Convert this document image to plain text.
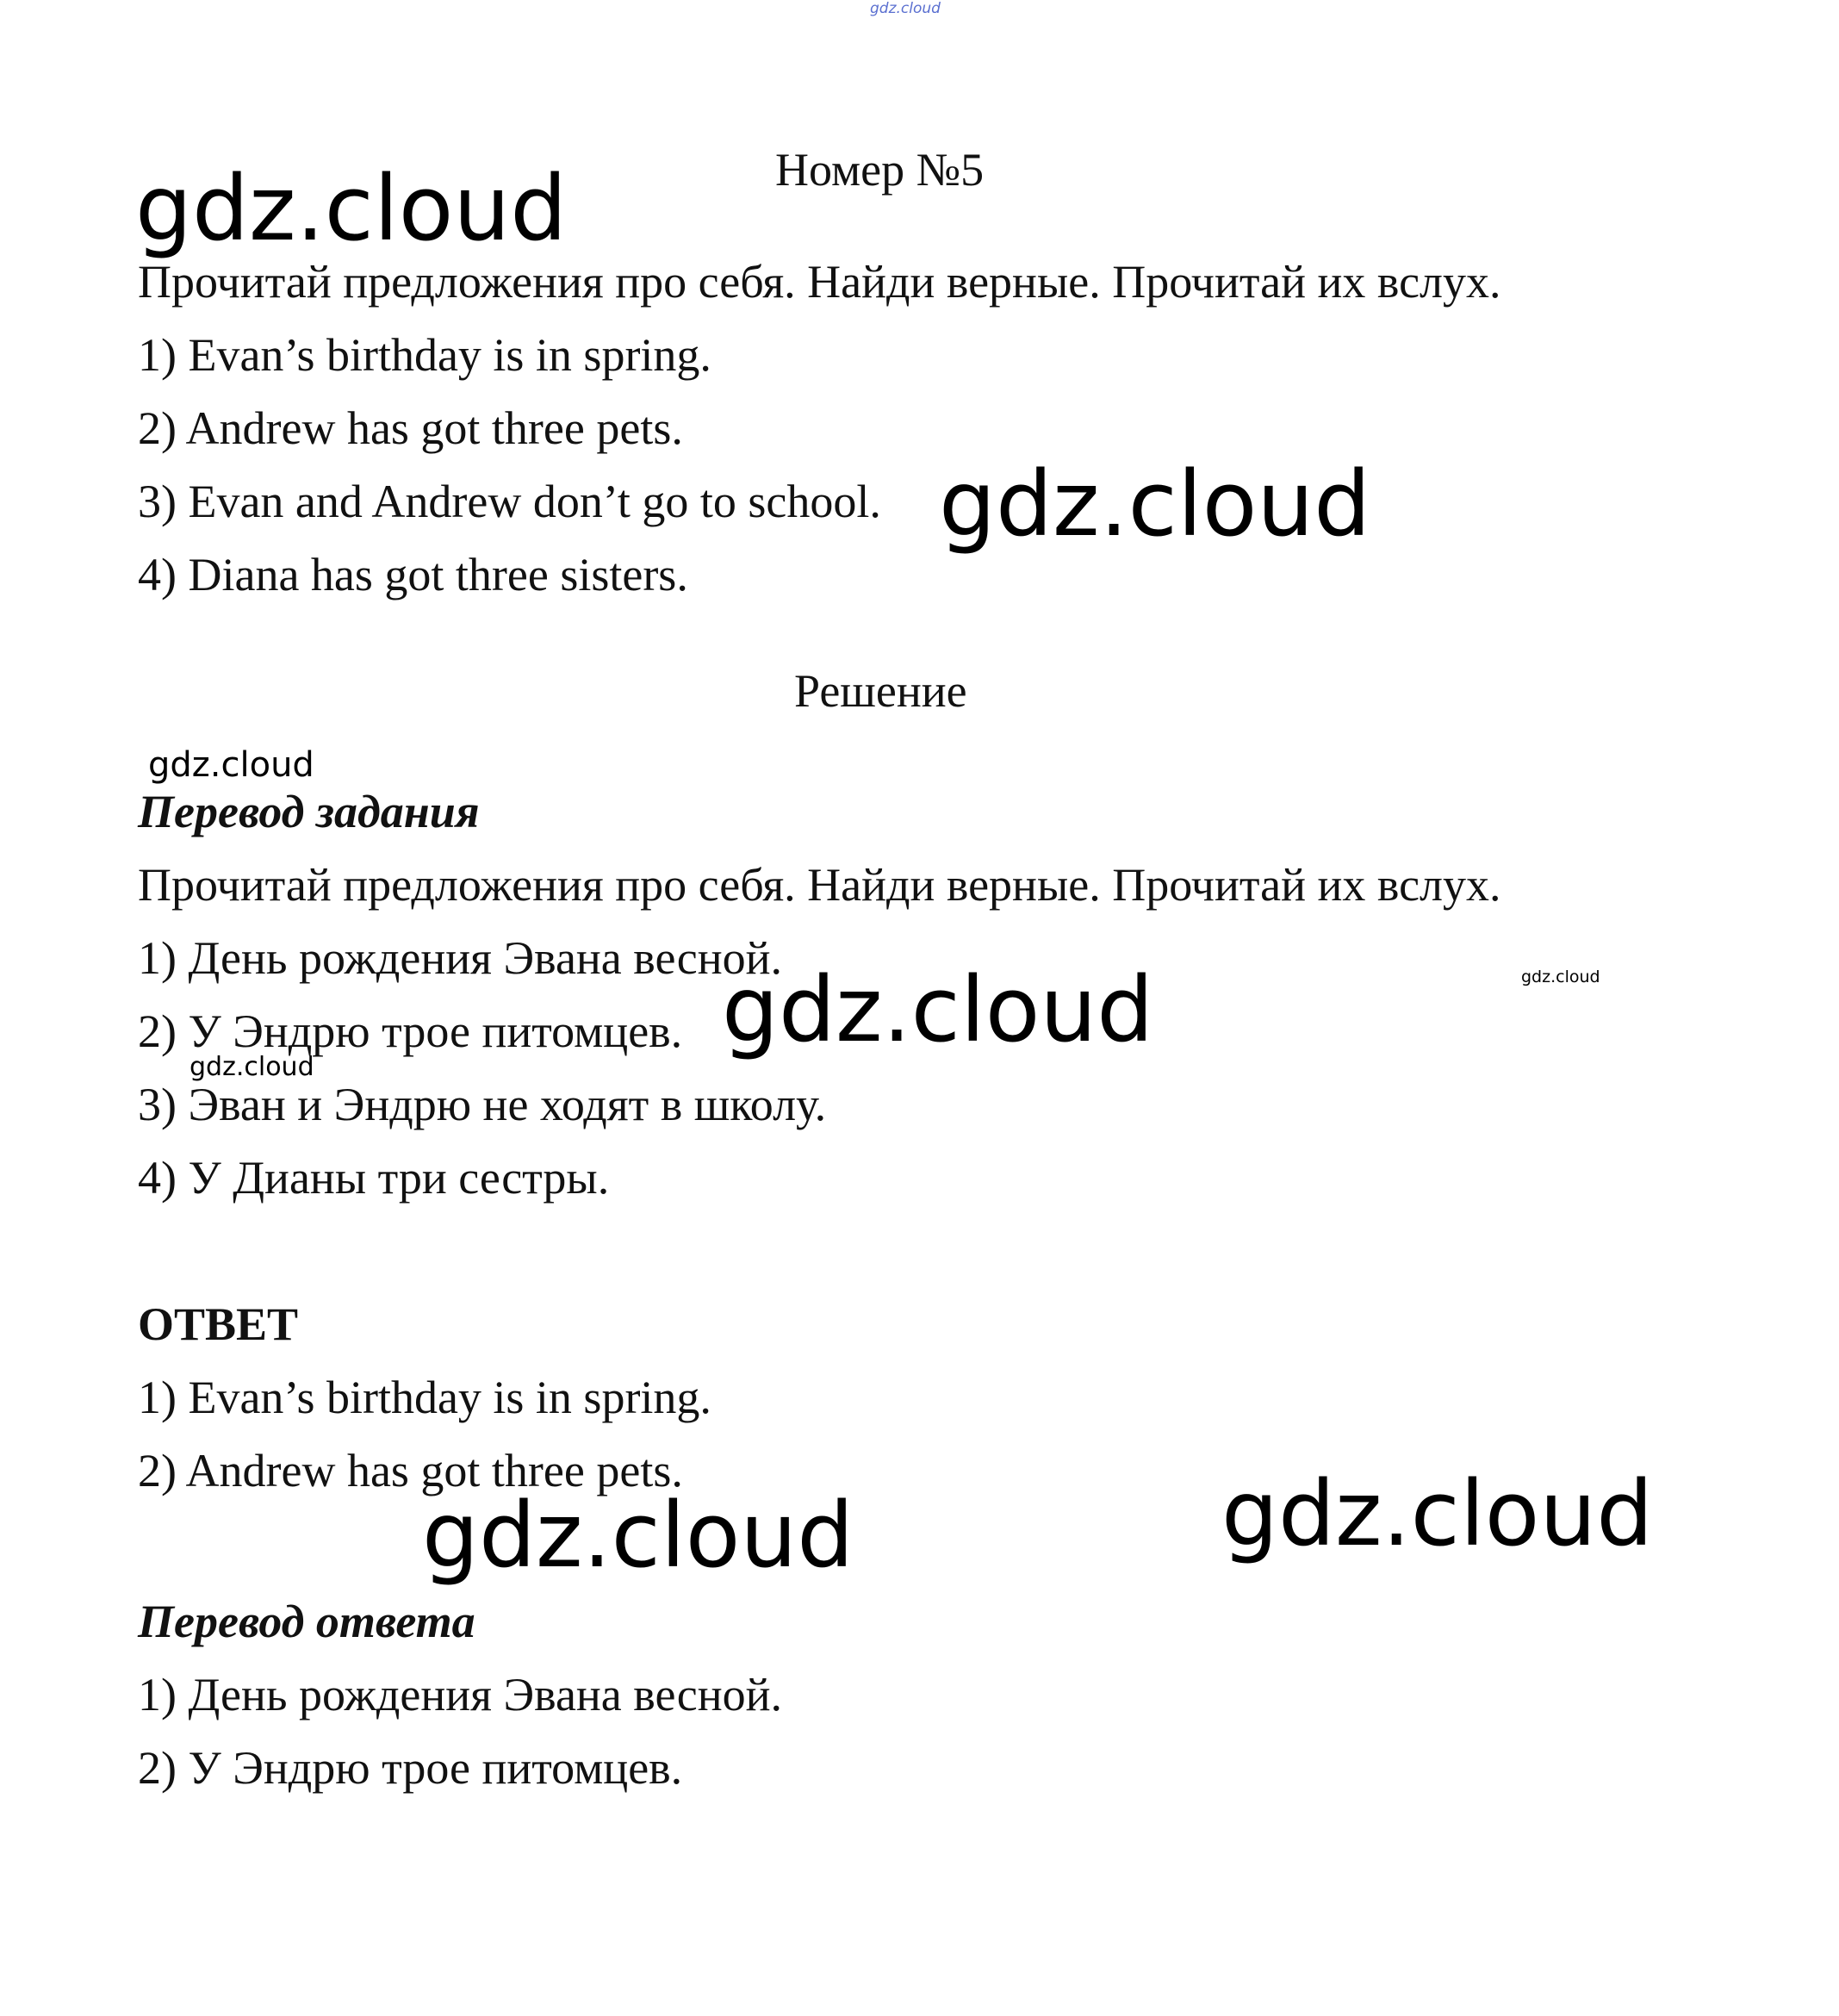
Номер №5
Прочитай предложения про себя. Найди верные. Прочитай их вслух.
1) Evan’s birthday is in spring.
2) Andrew has got three pets.
3) Evan and Andrew don’t go to school.
4) Diana has got three sisters.
Решение
Перевод задания
Прочитай предложения про себя. Найди верные. Прочитай их вслух.
1) День рождения Эвана весной.
2) У Эндрю трое питомцев.
3) Эван и Эндрю не ходят в школу.
4) У Дианы три сестры.
ОТВЕТ
1) Evan’s birthday is in spring.
2) Andrew has got three pets.
Перевод ответа
1) День рождения Эвана весной.
2) У Эндрю трое питомцев.
gdz.cloud
gdz.cloud
gdz.cloud
gdz.cloud
gdz.cloud
gdz.cloud
gdz.cloud
gdz.cloud
gdz.cloud
